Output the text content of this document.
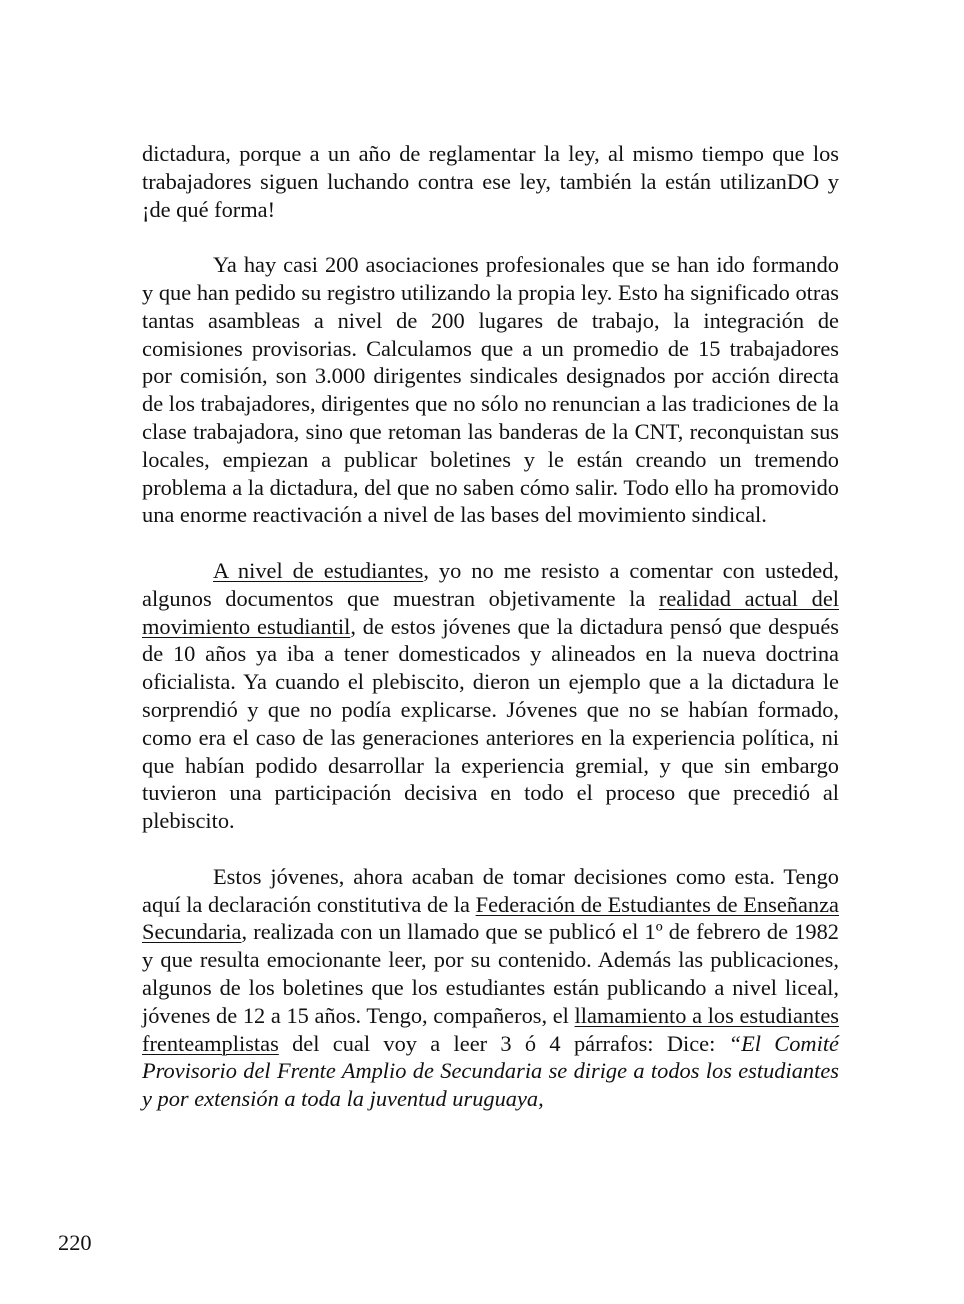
dictadura, porque a un año de reglamentar la ley, al mismo tiempo que los trabajadores siguen luchando contra ese ley, también la están utilizanDO y ¡de qué forma!

Ya hay casi 200 asociaciones profesionales que se han ido formando y que han pedido su registro utilizando la propia ley. Esto ha significado otras tantas asambleas a nivel de 200 lugares de trabajo, la integración de comisiones provisorias. Calculamos que a un promedio de 15 trabajadores por comisión, son 3.000 dirigentes sindicales designados por acción directa de los trabajadores, dirigentes que no sólo no renuncian a las tradiciones de la clase trabajadora, sino que retoman las banderas de la CNT, reconquistan sus locales, empiezan a publicar boletines y le están creando un tremendo problema a la dictadura, del que no saben cómo salir. Todo ello ha promovido una enorme reactivación a nivel de las bases del movimiento sindical.

A nivel de estudiantes, yo no me resisto a comentar con usteded, algunos documentos que muestran objetivamente la realidad actual del movimiento estudiantil, de estos jóvenes que la dictadura pensó que después de 10 años ya iba a tener domesticados y alineados en la nueva doctrina oficialista. Ya cuando el plebiscito, dieron un ejemplo que a la dictadura le sorprendió y que no podía explicarse. Jóvenes que no se habían formado, como era el caso de las generaciones anteriores en la experiencia política, ni que habían podido desarrollar la experiencia gremial, y que sin embargo tuvieron una participación decisiva en todo el proceso que precedió al plebiscito.

Estos jóvenes, ahora acaban de tomar decisiones como esta. Tengo aquí la declaración constitutiva de la Federación de Estudiantes de Enseñanza Secundaria, realizada con un llamado que se publicó el 1º de febrero de 1982 y que resulta emocionante leer, por su contenido. Además las publicaciones, algunos de los boletines que los estudiantes están publicando a nivel liceal, jóvenes de 12 a 15 años. Tengo, compañeros, el llamamiento a los estudiantes frenteamplistas del cual voy a leer 3 ó 4 párrafos: Dice: “El Comité Provisorio del Frente Amplio de Secundaria se dirige a todos los estudiantes y por extensión a toda la juventud uruguaya,

220
